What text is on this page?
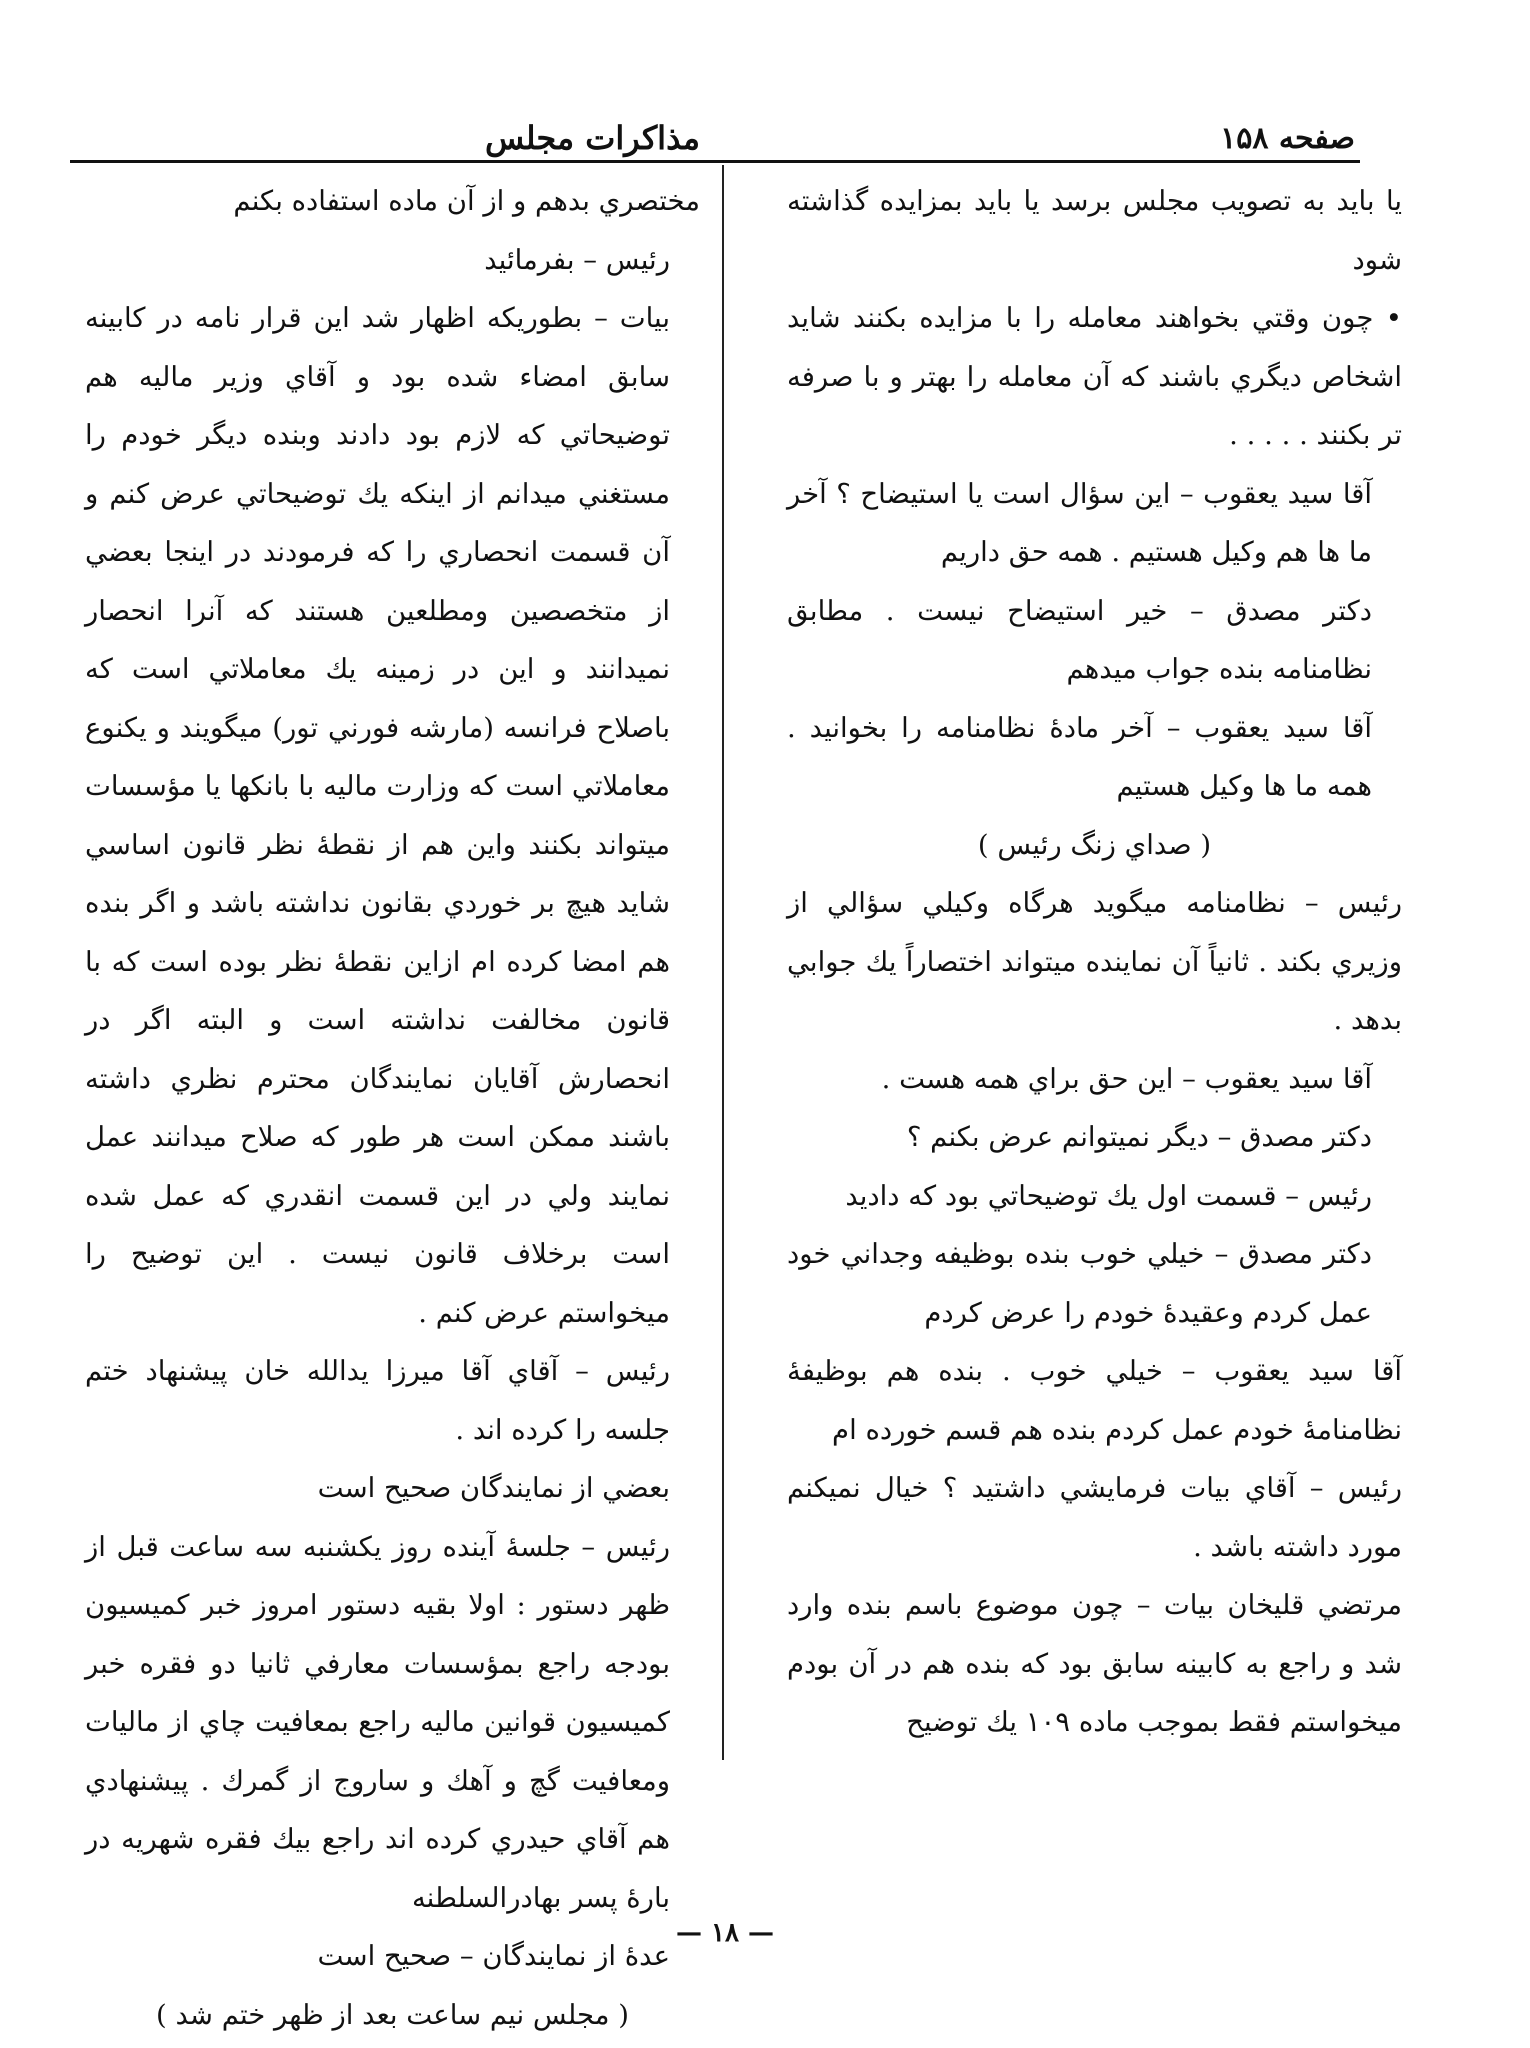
صفحه ۱۵۸
مذاكرات مجلس

يا بايد به تصويب مجلس برسد يا بايد بمزايده گذاشته شود

• چون وقتي بخواهند معامله را با مزايده بكنند شايد اشخاص ديگري باشند كه آن معامله را بهتر و با صرفه تر بكنند . . . . .

آقا سيد يعقوب – اين سؤال است يا استيضاح ؟ آخر ما ها هم وكيل هستيم . همه حق داريم

دكتر مصدق – خير استيضاح نيست . مطابق نظامنامه بنده جواب ميدهم

آقا سيد يعقوب – آخر مادهٔ نظامنامه را بخوانيد . همه ما ها وكيل هستيم

( صداي زنگ رئيس )

رئيس – نظامنامه ميگويد هرگاه وكيلي سؤالي از وزيري بكند . ثانياً آن نماينده ميتواند اختصاراً يك جوابي بدهد .

آقا سيد يعقوب – اين حق براي همه هست .

دكتر مصدق – ديگر نميتوانم عرض بكنم ؟

رئيس – قسمت اول يك توضيحاتي بود كه داديد

دكتر مصدق – خيلي خوب بنده بوظيفه وجداني خود عمل كردم وعقيدهٔ خودم را عرض كردم

آقا سيد يعقوب – خيلي خوب . بنده هم بوظيفهٔ نظامنامهٔ خودم عمل كردم بنده هم قسم خورده ام

رئيس – آقاي بيات فرمايشي داشتيد ؟ خيال نميكنم مورد داشته باشد .

مرتضي قليخان بيات – چون موضوع باسم بنده وارد شد و راجع به كابينه سابق بود كه بنده هم در آن بودم ميخواستم فقط بموجب ماده ۱۰۹ يك توضيح

مختصري بدهم و از آن ماده استفاده بكنم

رئيس – بفرمائيد

بيات – بطوريكه اظهار شد اين قرار نامه در كابينه سابق امضاء شده بود و آقاي وزير ماليه هم توضيحاتي كه لازم بود دادند وبنده ديگر خودم را مستغني ميدانم از اينكه يك توضيحاتي عرض كنم و آن قسمت انحصاري را كه فرمودند در اينجا بعضي از متخصصين ومطلعين هستند كه آنرا انحصار نميدانند و اين در زمينه يك معاملاتي است كه باصلاح فرانسه (مارشه فورني تور) ميگويند و يكنوع معاملاتي است كه وزارت ماليه با بانكها يا مؤسسات ميتواند بكنند واين هم از نقطهٔ نظر قانون اساسي شايد هيچ بر خوردي بقانون نداشته باشد و اگر بنده هم امضا كرده ام ازاين نقطهٔ نظر بوده است كه با قانون مخالفت نداشته است و البته اگر در انحصارش آقايان نمايندگان محترم نظري داشته باشند ممكن است هر طور كه صلاح ميدانند عمل نمايند ولي در اين قسمت انقدري كه عمل شده است برخلاف قانون نيست . اين توضيح را ميخواستم عرض كنم .

رئيس – آقاي آقا ميرزا يدالله خان پيشنهاد ختم جلسه را كرده اند .

بعضي از نمايندگان صحيح است

رئيس – جلسهٔ آينده روز يكشنبه سه ساعت قبل از ظهر دستور : اولا بقيه دستور امروز خبر كميسيون بودجه راجع بمؤسسات معارفي ثانيا دو فقره خبر كميسيون قوانين ماليه راجع بمعافيت چاي از ماليات ومعافيت گچ و آهك و ساروج از گمرك . پيشنهادي هم آقاي حيدري كرده اند راجع بيك فقره شهريه در بارهٔ پسر بهادرالسلطنه

عدهٔ از نمايندگان – صحيح است

( مجلس نيم ساعت بعد از ظهر ختم شد )

— ۱۸ —
